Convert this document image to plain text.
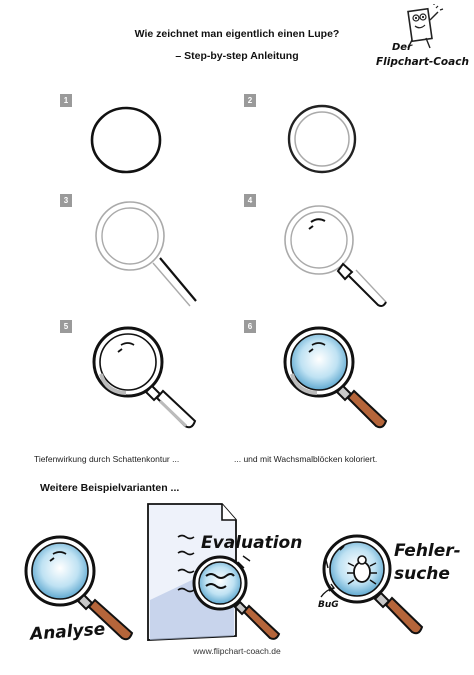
Wie zeichnet man eigentlich einen Lupe?
– Step-by-step Anleitung
Der
Flipchart-Coach
1	2
3	4
5	6
Tiefenwirkung durch Schattenkontur ...	... und mit Wachsmalblöcken koloriert.
Weitere Beispielvarianten ...
Analyse
Evaluation	Fehler-
suche
BuG
www.flipchart-coach.de
